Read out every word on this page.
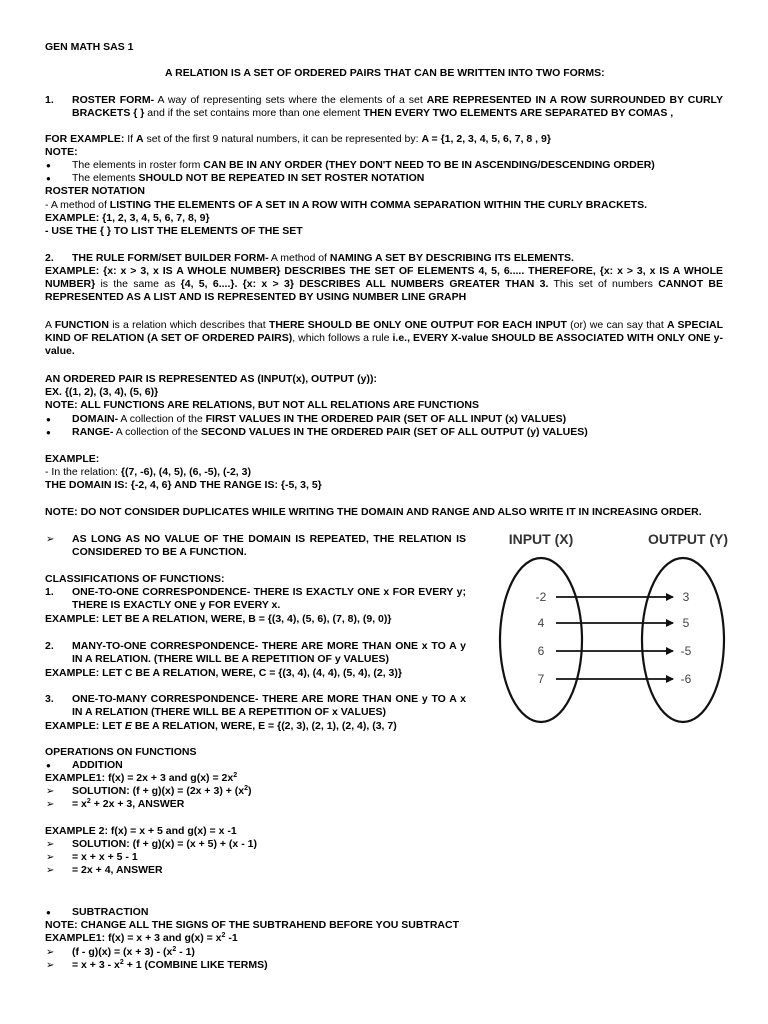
GEN MATH SAS 1
A RELATION IS A SET OF ORDERED PAIRS THAT CAN BE WRITTEN INTO TWO FORMS:
1. ROSTER FORM- A way of representing sets where the elements of a set ARE REPRESENTED IN A ROW SURROUNDED BY CURLY BRACKETS { } and if the set contains more than one element THEN EVERY TWO ELEMENTS ARE SEPARATED BY COMAS ,
FOR EXAMPLE: If A set of the first 9 natural numbers, it can be represented by: A = {1, 2, 3, 4, 5, 6, 7, 8 , 9}
NOTE:
● The elements in roster form CAN BE IN ANY ORDER (THEY DON'T NEED TO BE IN ASCENDING/DESCENDING ORDER)
● The elements SHOULD NOT BE REPEATED IN SET ROSTER NOTATION
ROSTER NOTATION
- A method of LISTING THE ELEMENTS OF A SET IN A ROW WITH COMMA SEPARATION WITHIN THE CURLY BRACKETS.
EXAMPLE: {1, 2, 3, 4, 5, 6, 7, 8, 9}
- USE THE { } TO LIST THE ELEMENTS OF THE SET
2. THE RULE FORM/SET BUILDER FORM- A method of NAMING A SET BY DESCRIBING ITS ELEMENTS.
EXAMPLE: {x: x > 3, x IS A WHOLE NUMBER} DESCRIBES THE SET OF ELEMENTS 4, 5, 6..... THEREFORE, {x: x > 3, x IS A WHOLE NUMBER} is the same as {4, 5, 6....}. {x: x > 3} DESCRIBES ALL NUMBERS GREATER THAN 3. This set of numbers CANNOT BE REPRESENTED AS A LIST AND IS REPRESENTED BY USING NUMBER LINE GRAPH
A FUNCTION is a relation which describes that THERE SHOULD BE ONLY ONE OUTPUT FOR EACH INPUT (or) we can say that A SPECIAL KIND OF RELATION (A SET OF ORDERED PAIRS), which follows a rule i.e., EVERY X-value SHOULD BE ASSOCIATED WITH ONLY ONE y-value.
AN ORDERED PAIR IS REPRESENTED AS (INPUT(x), OUTPUT (y)):
EX. {(1, 2), (3, 4), (5, 6)}
NOTE: ALL FUNCTIONS ARE RELATIONS, BUT NOT ALL RELATIONS ARE FUNCTIONS
● DOMAIN- A collection of the FIRST VALUES IN THE ORDERED PAIR (SET OF ALL INPUT (x) VALUES)
● RANGE- A collection of the SECOND VALUES IN THE ORDERED PAIR (SET OF ALL OUTPUT (y) VALUES)
EXAMPLE:
- In the relation: {(7, -6), (4, 5), (6, -5), (-2, 3)
THE DOMAIN IS: {-2, 4, 6} AND THE RANGE IS: {-5, 3, 5}
NOTE: DO NOT CONSIDER DUPLICATES WHILE WRITING THE DOMAIN AND RANGE AND ALSO WRITE IT IN INCREASING ORDER.
➢ AS LONG AS NO VALUE OF THE DOMAIN IS REPEATED, THE RELATION IS CONSIDERED TO BE A FUNCTION.
CLASSIFICATIONS OF FUNCTIONS:
1. ONE-TO-ONE CORRESPONDENCE- THERE IS EXACTLY ONE x FOR EVERY y; THERE IS EXACTLY ONE y FOR EVERY x.
EXAMPLE: LET BE A RELATION, WERE, B = {(3, 4), (5, 6), (7, 8), (9, 0)}
2. MANY-TO-ONE CORRESPONDENCE- THERE ARE MORE THAN ONE x TO A y IN A RELATION. (THERE WILL BE A REPETITION OF y VALUES)
EXAMPLE: LET C BE A RELATION, WERE, C = {(3, 4), (4, 4), (5, 4), (2, 3)}
3. ONE-TO-MANY CORRESPONDENCE- THERE ARE MORE THAN ONE y TO A x IN A RELATION (THERE WILL BE A REPETITION OF x VALUES)
EXAMPLE: LET E BE A RELATION, WERE, E = {(2, 3), (2, 1), (2, 4), (3, 7)
OPERATIONS ON FUNCTIONS
● ADDITION
EXAMPLE1: f(x) = 2x + 3 and $g(x) = 2x^2$
➢ SOLUTION: $(f + g)(x) = (2x + 3) + (x^2)$
➢ = $x^2 + 2x + 3$, ANSWER
EXAMPLE 2: f(x) = x + 5 and g(x) = x -1
➢ SOLUTION: (f + g)(x) = (x + 5) + (x - 1)
➢ = x + x + 5 - 1
➢ = 2x + 4, ANSWER
● SUBTRACTION
NOTE: CHANGE ALL THE SIGNS OF THE SUBTRAHEND BEFORE YOU SUBTRACT
EXAMPLE1: f(x) = x + 3 and $g(x) = x^2$ -1
➢ $(f - g)(x) = (x + 3) - (x^2 - 1)$
➢ = $x + 3 - x^2 + 1$ (COMBINE LIKE TERMS)
INPUT (X)	OUTPUT (Y)
-2
4
6
7
3
5
-5
-6
